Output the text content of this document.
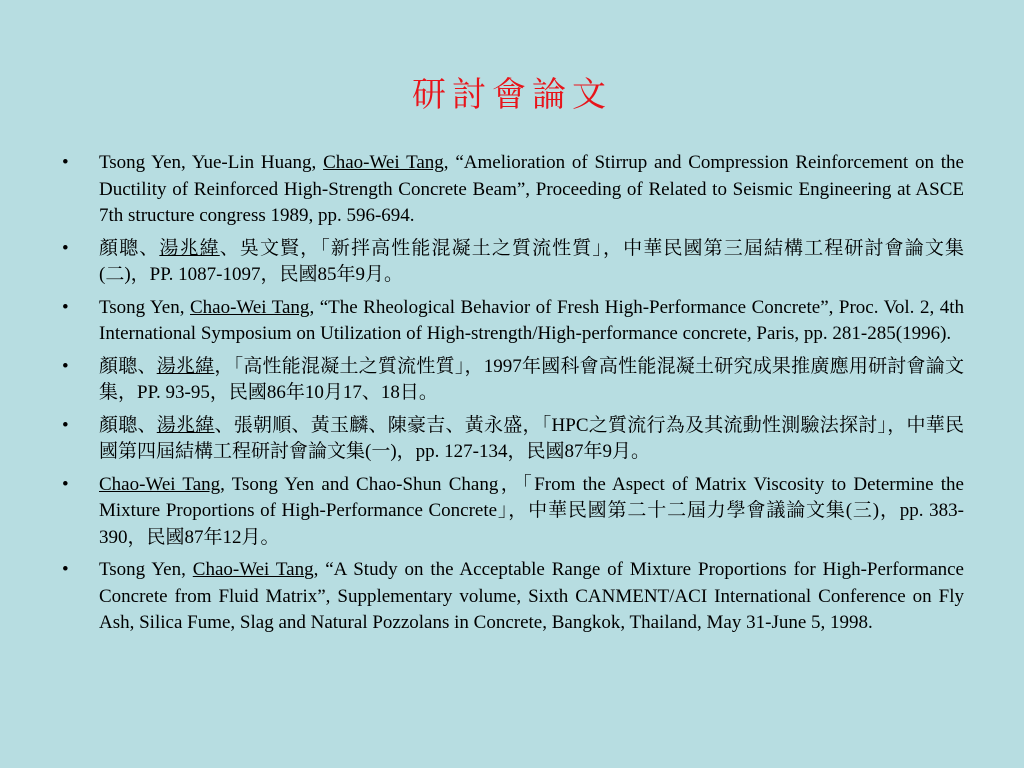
研討會論文
• Tsong Yen, Yue-Lin Huang, Chao-Wei Tang, “Amelioration of Stirrup and Compression Reinforcement on the Ductility of Reinforced High-Strength Concrete Beam”, Proceeding of Related to Seismic Engineering at ASCE 7th structure congress 1989, pp. 596-694.
• 顏聰、湯兆緯、吳文賢，「新拌高性能混凝土之質流性質」，中華民國第三屆結構工程研討會論文集(二)，PP. 1087-1097，民國85年9月。
• Tsong Yen, Chao-Wei Tang, “The Rheological Behavior of Fresh High-Performance Concrete”, Proc. Vol. 2, 4th International Symposium on Utilization of High-strength/High-performance concrete, Paris, pp. 281-285(1996).
• 顏聰、湯兆緯，「高性能混凝土之質流性質」，1997年國科會高性能混凝土研究成果推廣應用研討會論文集，PP. 93-95，民國86年10月17、18日。
• 顏聰、湯兆緯、張朝順、黃玉麟、陳豪吉、黃永盛，「HPC之質流行為及其流動性測驗法探討」，中華民國第四屆結構工程研討會論文集(一)，pp. 127-134，民國87年9月。
• Chao-Wei Tang, Tsong Yen and Chao-Shun Chang，「From the Aspect of Matrix Viscosity to Determine the Mixture Proportions of High-Performance Concrete」，中華民國第二十二屆力學會議論文集(三)，pp. 383-390，民國87年12月。
• Tsong Yen, Chao-Wei Tang, “A Study on the Acceptable Range of Mixture Proportions for High-Performance Concrete from Fluid Matrix”, Supplementary volume, Sixth CANMENT/ACI International Conference on Fly Ash, Silica Fume, Slag and Natural Pozzolans in Concrete, Bangkok, Thailand, May 31-June 5, 1998.
